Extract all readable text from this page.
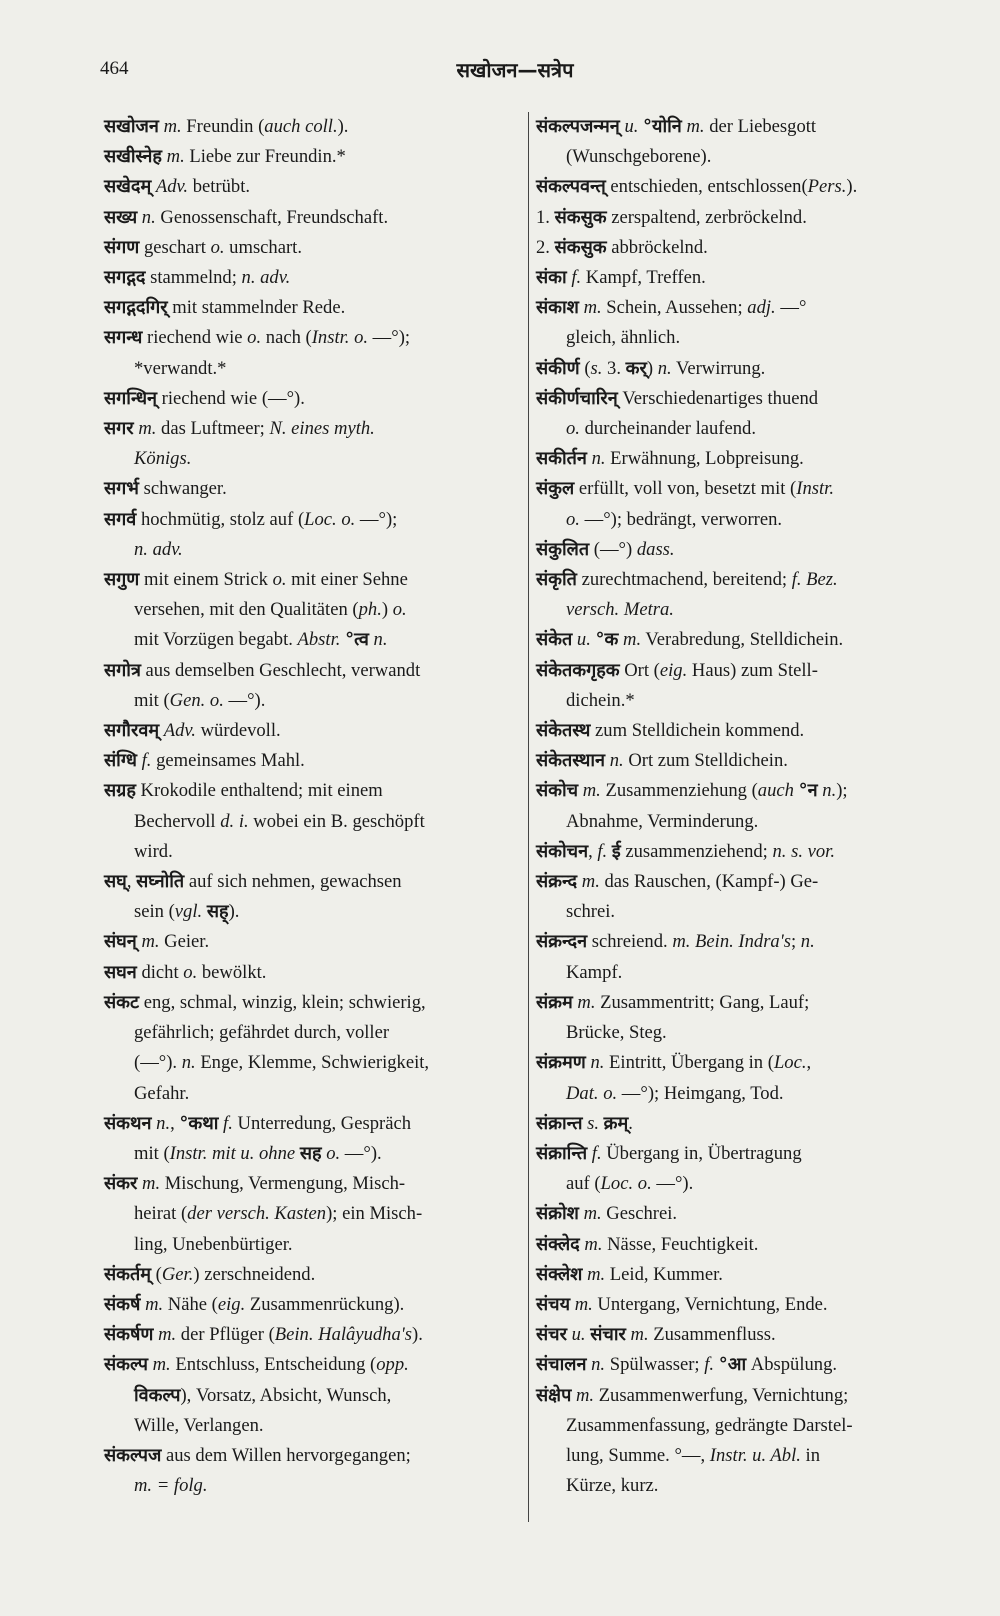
464	सखोजन—सत्रेप
सखोजन m. Freundin (auch coll.).
सखीस्नेह m. Liebe zur Freundin.*
सखेदम् Adv. betrübt.
सख्य n. Genossenschaft, Freundschaft.
संगण geschart o. umschart.
सगद्गद stammelnd; n. adv.
सगद्गदगिर् mit stammelnder Rede.
सगन्ध riechend wie o. nach (Instr. o. —°);
*verwandt.*
सगन्धिन् riechend wie (—°).
सगर m. das Luftmeer; N. eines myth.
Königs.
सगर्भ schwanger.
सगर्व hochmütig, stolz auf (Loc. o. —°);
n. adv.
सगुण mit einem Strick o. mit einer Sehne
versehen, mit den Qualitäten (ph.) o.
mit Vorzügen begabt. Abstr. °त्व n.
सगोत्र aus demselben Geschlecht, verwandt
mit (Gen. o. —°).
सगौरवम् Adv. würdevoll.
संग्धि f. gemeinsames Mahl.
सग्रह Krokodile enthaltend; mit einem
Bechervoll d. i. wobei ein B. geschöpft
wird.
सघ्, सघ्नोति auf sich nehmen, gewachsen
sein (vgl. सह्).
संघन् m. Geier.
सघन dicht o. bewölkt.
संकट eng, schmal, winzig, klein; schwierig,
gefährlich; gefährdet durch, voller
(—°). n. Enge, Klemme, Schwierigkeit,
Gefahr.
संकथन n., °कथा f. Unterredung, Gespräch
mit (Instr. mit u. ohne सह o. —°).
संकर m. Mischung, Vermengung, Misch-
heirat (der versch. Kasten); ein Misch-
ling, Unebenbürtiger.
संकर्तम् (Ger.) zerschneidend.
संकर्ष m. Nähe (eig. Zusammenrückung).
संकर्षण m. der Pflüger (Bein. Halâyudha's).
संकल्प m. Entschluss, Entscheidung (opp.
विकल्प), Vorsatz, Absicht, Wunsch,
Wille, Verlangen.
संकल्पज aus dem Willen hervorgegangen;
m. = folg.
संकल्पजन्मन् u. °योनि m. der Liebesgott
(Wunschgeborene).
संकल्पवन्त् entschieden, entschlossen(Pers.).
1. संकसुक zerspaltend, zerbröckelnd.
2. संकसुक abbröckelnd.
संका f. Kampf, Treffen.
संकाश m. Schein, Aussehen; adj. —°
gleich, ähnlich.
संकीर्ण (s. 3. कर्) n. Verwirrung.
संकीर्णचारिन् Verschiedenartiges thuend
o. durcheinander laufend.
सकीर्तन n. Erwähnung, Lobpreisung.
संकुल erfüllt, voll von, besetzt mit (Instr.
o. —°); bedrängt, verworren.
संकुलित (—°) dass.
संकृति zurechtmachend, bereitend; f. Bez.
versch. Metra.
संकेत u. °क m. Verabredung, Stelldichein.
संकेतकगृहक Ort (eig. Haus) zum Stell-
dichein.*
संकेतस्थ zum Stelldichein kommend.
संकेतस्थान n. Ort zum Stelldichein.
संकोच m. Zusammenziehung (auch °न n.);
Abnahme, Verminderung.
संकोचन, f. ई zusammenziehend; n. s. vor.
संक्रन्द m. das Rauschen, (Kampf-) Ge-
schrei.
संक्रन्दन schreiend. m. Bein. Indra's; n.
Kampf.
संक्रम m. Zusammentritt; Gang, Lauf;
Brücke, Steg.
संक्रमण n. Eintritt, Übergang in (Loc.,
Dat. o. —°); Heimgang, Tod.
संक्रान्त s. क्रम्.
संक्रान्ति f. Übergang in, Übertragung
auf (Loc. o. —°).
संक्रोश m. Geschrei.
संक्लेद m. Nässe, Feuchtigkeit.
संक्लेश m. Leid, Kummer.
संचय m. Untergang, Vernichtung, Ende.
संचर u. संचार m. Zusammenfluss.
संचालन n. Spülwasser; f. °आ Abspülung.
संक्षेप m. Zusammenwerfung, Vernichtung;
Zusammenfassung, gedrängte Darstel-
lung, Summe. °—, Instr. u. Abl. in
Kürze, kurz.
